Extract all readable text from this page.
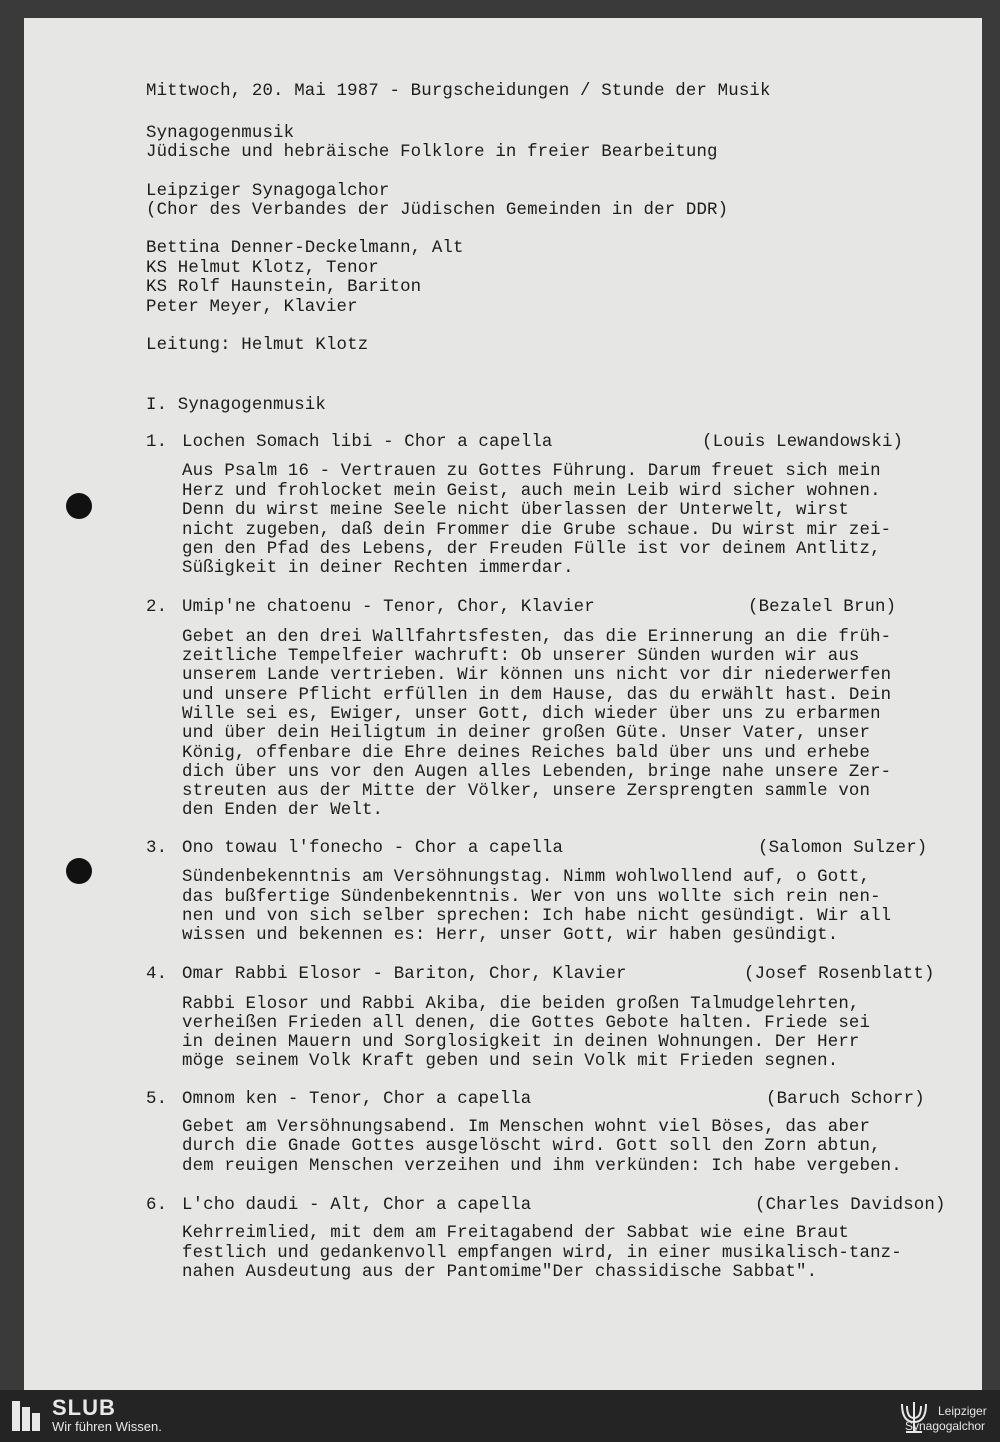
Mittwoch, 20. Mai 1987 - Burgscheidungen / Stunde der Musik

Synagogenmusik

Jüdische und hebräische Folklore in freier Bearbeitung

Leipziger Synagogalchor

(Chor des Verbandes der Jüdischen Gemeinden in der DDR)

Bettina Denner-Deckelmann, Alt

KS Helmut Klotz, Tenor

KS Rolf Haunstein, Bariton

Peter Meyer, Klavier

Leitung: Helmut Klotz

I. Synagogenmusik

1. Lochen Somach libi - Chor a capella	(Louis Lewandowski)

Aus Psalm 16 - Vertrauen zu Gottes Führung. Darum freuet sich mein

Herz und frohlocket mein Geist, auch mein Leib wird sicher wohnen.

Denn du wirst meine Seele nicht überlassen der Unterwelt, wirst

nicht zugeben, daß dein Frommer die Grube schaue. Du wirst mir zei-

gen den Pfad des Lebens, der Freuden Fülle ist vor deinem Antlitz,

Süßigkeit in deiner Rechten immerdar.

2. Umip'ne chatoenu - Tenor, Chor, Klavier	(Bezalel Brun)

Gebet an den drei Wallfahrtsfesten, das die Erinnerung an die früh-

zeitliche Tempelfeier wachruft: Ob unserer Sünden wurden wir aus

unserem Lande vertrieben. Wir können uns nicht vor dir niederwerfen

und unsere Pflicht erfüllen in dem Hause, das du erwählt hast. Dein

Wille sei es, Ewiger, unser Gott, dich wieder über uns zu erbarmen

und über dein Heiligtum in deiner großen Güte. Unser Vater, unser

König, offenbare die Ehre deines Reiches bald über uns und erhebe

dich über uns vor den Augen alles Lebenden, bringe nahe unsere Zer-

streuten aus der Mitte der Völker, unsere Zersprengten sammle von

den Enden der Welt.

3. Ono towau l'fonecho - Chor a capella	(Salomon Sulzer)

Sündenbekenntnis am Versöhnungstag. Nimm wohlwollend auf, o Gott,

das bußfertige Sündenbekenntnis. Wer von uns wollte sich rein nen-

nen und von sich selber sprechen: Ich habe nicht gesündigt. Wir all

wissen und bekennen es: Herr, unser Gott, wir haben gesündigt.

4. Omar Rabbi Elosor - Bariton, Chor, Klavier	(Josef Rosenblatt)

Rabbi Elosor und Rabbi Akiba, die beiden großen Talmudgelehrten,

verheißen Frieden all denen, die Gottes Gebote halten. Friede sei

in deinen Mauern und Sorglosigkeit in deinen Wohnungen. Der Herr

möge seinem Volk Kraft geben und sein Volk mit Frieden segnen.

5. Omnom ken - Tenor, Chor a capella	(Baruch Schorr)

Gebet am Versöhnungsabend. Im Menschen wohnt viel Böses, das aber

durch die Gnade Gottes ausgelöscht wird. Gott soll den Zorn abtun,

dem reuigen Menschen verzeihen und ihm verkünden: Ich habe vergeben.

6. L'cho daudi - Alt, Chor a capella	(Charles Davidson)

Kehrreimlied, mit dem am Freitagabend der Sabbat wie eine Braut

festlich und gedankenvoll empfangen wird, in einer musikalisch-tanz-

nahen Ausdeutung aus der Pantomime"Der chassidische Sabbat".

SLUB
Wir führen Wissen.
Leipziger
Synagogalchor
